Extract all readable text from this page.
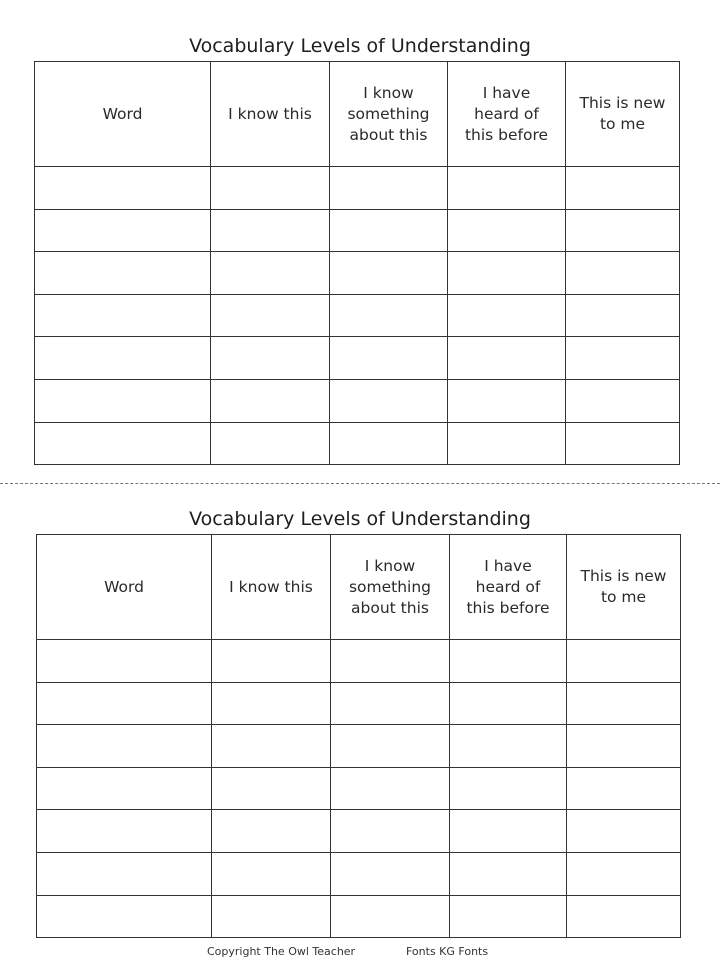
Vocabulary Levels of Understanding
Word	I know this	I know
something
about this	I have
heard of
this before	This is new
to me

Vocabulary Levels of Understanding
Word	I know this	I know
something
about this	I have
heard of
this before	This is new
to me

Copyright The Owl Teacher	Fonts KG Fonts
